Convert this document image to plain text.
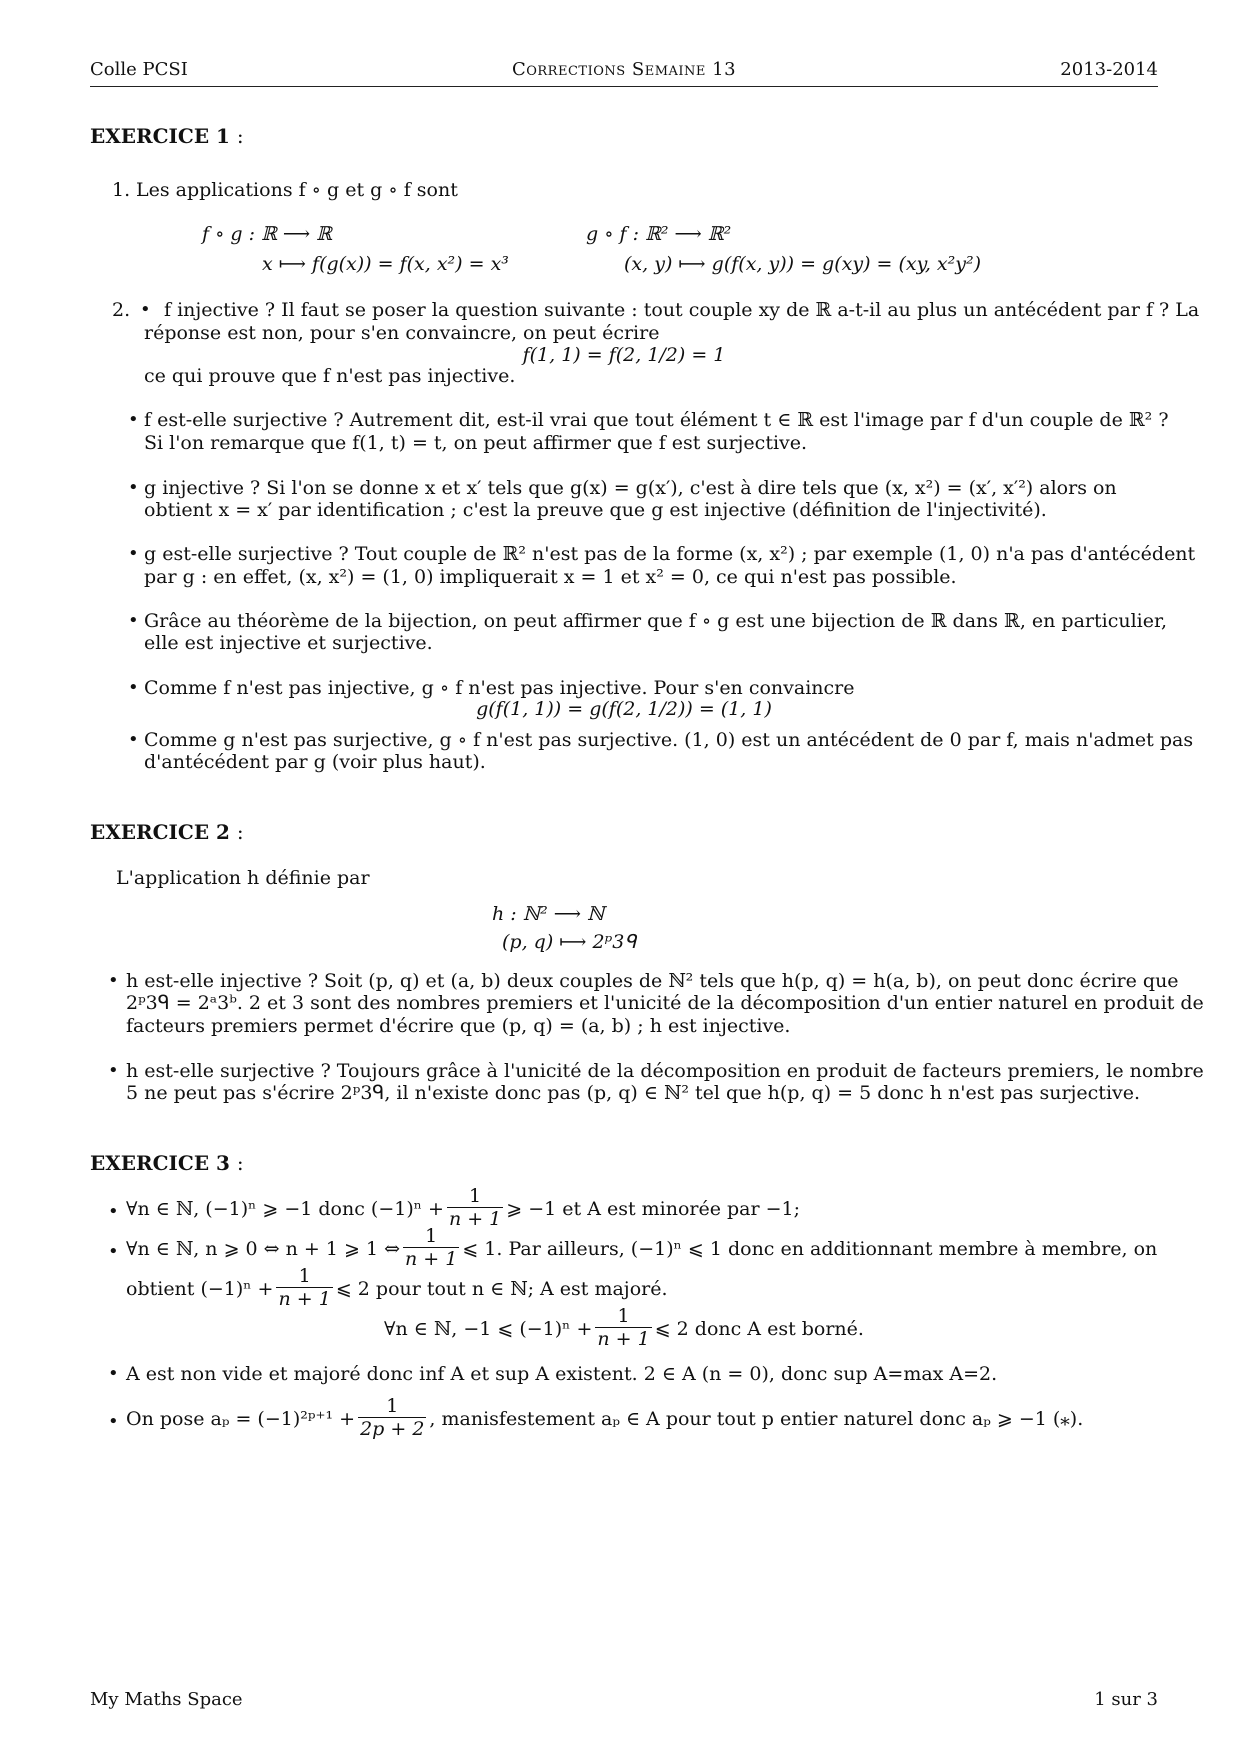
Colle PCSI	Corrections Semaine 13	2013-2014
EXERCICE 1 :
1. Les applications f ∘ g et g ∘ f sont
f ∘ g : ℝ ⟶ ℝ
x ⟼ f(g(x)) = f(x, x²) = x³
g ∘ f : ℝ² ⟶ ℝ²
(x, y) ⟼ g(f(x, y)) = g(xy) = (xy, x²y²)
2. • f injective ? Il faut se poser la question suivante : tout couple xy de ℝ a-t-il au plus un antécédent par f ? La
réponse est non, pour s'en convaincre, on peut écrire
f(1, 1) = f(2, 1/2) = 1
ce qui prouve que f n'est pas injective.
• f est-elle surjective ? Autrement dit, est-il vrai que tout élément t ∈ ℝ est l'image par f d'un couple de ℝ² ?
Si l'on remarque que f(1, t) = t, on peut affirmer que f est surjective.
• g injective ? Si l'on se donne x et x′ tels que g(x) = g(x′), c'est à dire tels que (x, x²) = (x′, x′²) alors on
obtient x = x′ par identification ; c'est la preuve que g est injective (définition de l'injectivité).
• g est-elle surjective ? Tout couple de ℝ² n'est pas de la forme (x, x²) ; par exemple (1, 0) n'a pas d'antécédent
par g : en effet, (x, x²) = (1, 0) impliquerait x = 1 et x² = 0, ce qui n'est pas possible.
• Grâce au théorème de la bijection, on peut affirmer que f ∘ g est une bijection de ℝ dans ℝ, en particulier,
elle est injective et surjective.
• Comme f n'est pas injective, g ∘ f n'est pas injective. Pour s'en convaincre
g(f(1, 1)) = g(f(2, 1/2)) = (1, 1)
• Comme g n'est pas surjective, g ∘ f n'est pas surjective. (1, 0) est un antécédent de 0 par f, mais n'admet pas
d'antécédent par g (voir plus haut).
EXERCICE 2 :
L'application h définie par
h : ℕ² ⟶ ℕ
(p, q) ⟼ 2ᵖ3ᑫ
• h est-elle injective ? Soit (p, q) et (a, b) deux couples de ℕ² tels que h(p, q) = h(a, b), on peut donc écrire que
2ᵖ3ᑫ = 2ᵃ3ᵇ. 2 et 3 sont des nombres premiers et l'unicité de la décomposition d'un entier naturel en produit de
facteurs premiers permet d'écrire que (p, q) = (a, b) ; h est injective.
• h est-elle surjective ? Toujours grâce à l'unicité de la décomposition en produit de facteurs premiers, le nombre
5 ne peut pas s'écrire 2ᵖ3ᑫ, il n'existe donc pas (p, q) ∈ ℕ² tel que h(p, q) = 5 donc h n'est pas surjective.
EXERCICE 3 :
• ∀n ∈ ℕ, (−1)ⁿ ⩾ −1 donc $(-1)^n + \frac{1}{n + 1}$ ⩾ −1 et A est minorée par −1;
• ∀n ∈ ℕ, n ⩾ 0 ⇔ n + 1 ⩾ 1 ⇔ $\frac{1}{n + 1}$ ⩽ 1. Par ailleurs, (−1)ⁿ ⩽ 1 donc en additionnant membre à membre, on
obtient $(-1)^n + \frac{1}{n + 1}$ ⩽ 2 pour tout n ∈ ℕ; A est majoré.
∀n ∈ ℕ, −1 ⩽ $(-1)^n + \frac{1}{n + 1}$ ⩽ 2 donc A est borné.
• A est non vide et majoré donc inf A et sup A existent. 2 ∈ A (n = 0), donc sup A=max A=2.
• On pose aₚ = (−1)²ᵖ⁺¹ + $\frac{1}{2p + 2}$ , manisfestement aₚ ∈ A pour tout p entier naturel donc aₚ ⩾ −1 (⁎).
My Maths Space	1 sur 3
